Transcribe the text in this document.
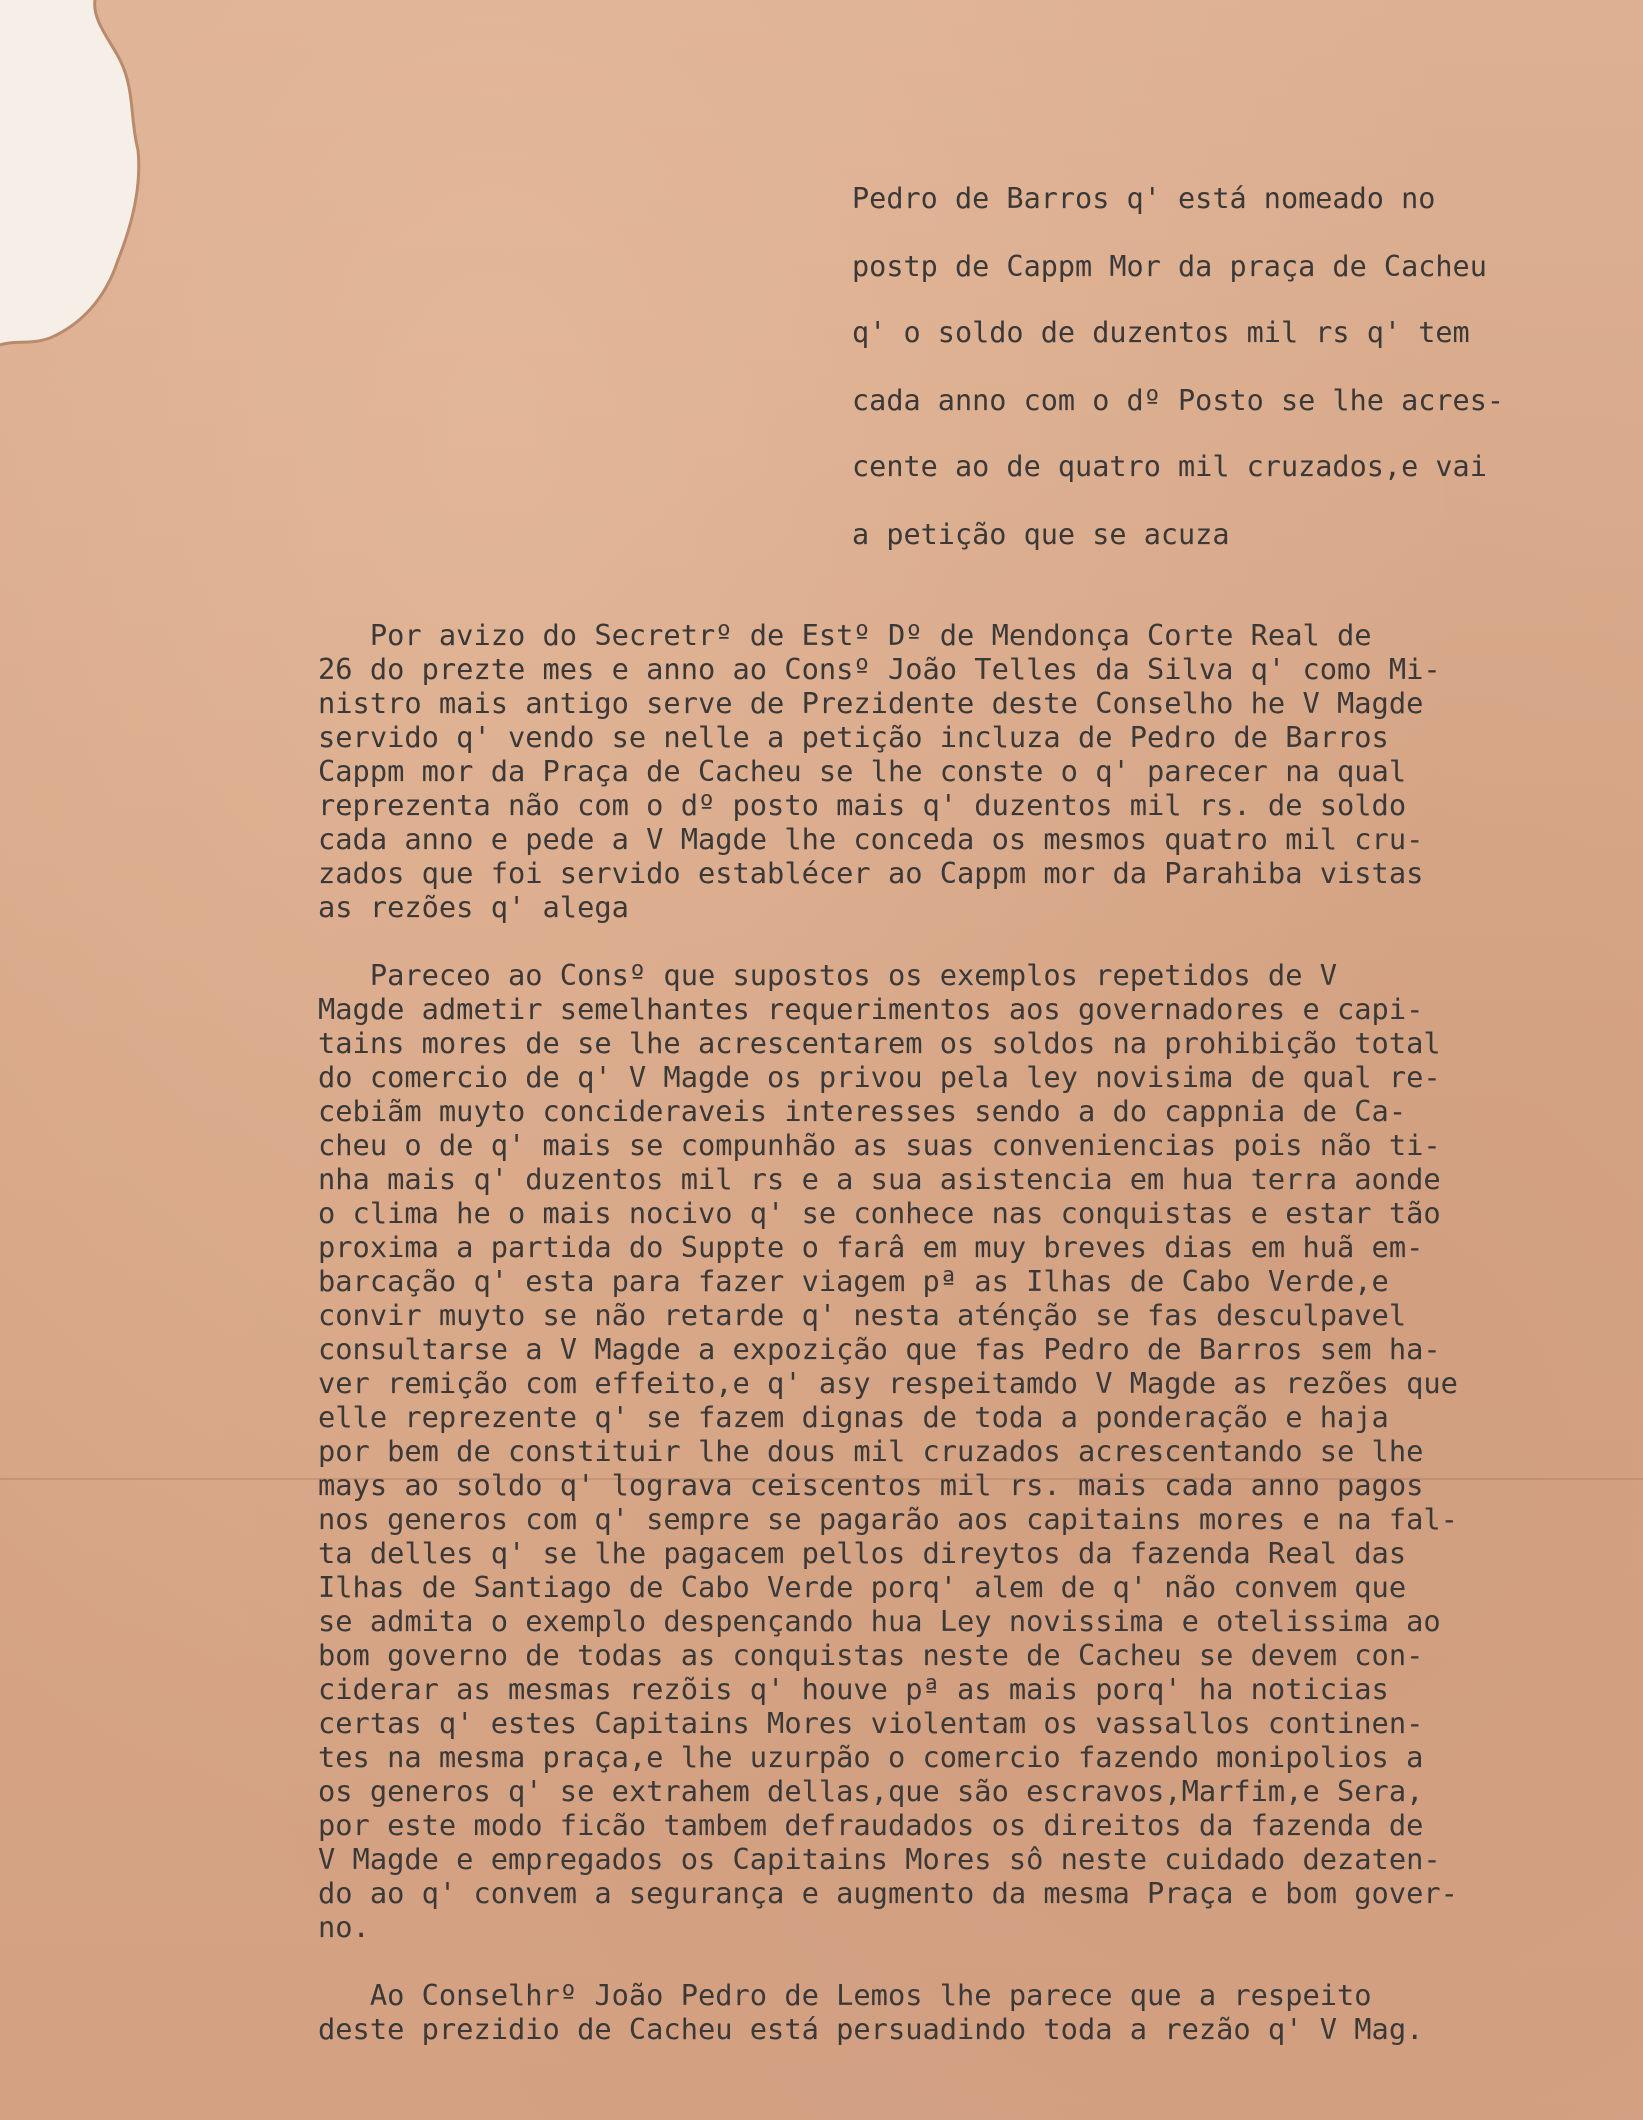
Pedro de Barros q' está nomeado no

postp de Cappm Mor da praça de Cacheu

q' o soldo de duzentos mil rs q' tem

cada anno com o dº Posto se lhe acres-

cente ao de quatro mil cruzados,e vai

a petição que se acuza

Por avizo do Secretrº de Estº Dº de Mendonça Corte Real de

26 do prezte mes e anno ao Consº João Telles da Silva q' como Mi-

nistro mais antigo serve de Prezidente deste Conselho he V Magde

servido q' vendo se nelle a petição incluza de Pedro de Barros

Cappm mor da Praça de Cacheu se lhe conste o q' parecer na qual

reprezenta não com o dº posto mais q' duzentos mil rs. de soldo

cada anno e pede a V Magde lhe conceda os mesmos quatro mil cru-

zados que foi servido establécer ao Cappm mor da Parahiba vistas

as rezões q' alega

Pareceo ao Consº que supostos os exemplos repetidos de V

Magde admetir semelhantes requerimentos aos governadores e capi-

tains mores de se lhe acrescentarem os soldos na prohibição total

do comercio de q' V Magde os privou pela ley novisima de qual re-

cebiãm muyto concideraveis interesses sendo a do cappnia de Ca-

cheu o de q' mais se compunhão as suas conveniencias pois não ti-

nha mais q' duzentos mil rs e a sua asistencia em hua terra aonde

o clima he o mais nocivo q' se conhece nas conquistas e estar tão

proxima a partida do Suppte o farâ em muy breves dias em huã em-

barcação q' esta para fazer viagem pª as Ilhas de Cabo Verde,e

convir muyto se não retarde q' nesta aténção se fas desculpavel

consultarse a V Magde a expozição que fas Pedro de Barros sem ha-

ver remição com effeito,e q' asy respeitamdo V Magde as rezões que

elle reprezente q' se fazem dignas de toda a ponderação e haja

por bem de constituir lhe dous mil cruzados acrescentando se lhe

mays ao soldo q' lograva ceiscentos mil rs. mais cada anno pagos

nos generos com q' sempre se pagarão aos capitains mores e na fal-

ta delles q' se lhe pagacem pellos direytos da fazenda Real das

Ilhas de Santiago de Cabo Verde porq' alem de q' não convem que

se admita o exemplo despençando hua Ley novissima e otelissima ao

bom governo de todas as conquistas neste de Cacheu se devem con-

ciderar as mesmas rezõis q' houve pª as mais porq' ha noticias

certas q' estes Capitains Mores violentam os vassallos continen-

tes na mesma praça,e lhe uzurpão o comercio fazendo monipolios a

os generos q' se extrahem dellas,que são escravos,Marfim,e Sera,

por este modo ficão tambem defraudados os direitos da fazenda de

V Magde e empregados os Capitains Mores sô neste cuidado dezaten-

do ao q' convem a segurança e augmento da mesma Praça e bom gover-

no.

Ao Conselhrº João Pedro de Lemos lhe parece que a respeito

deste prezidio de Cacheu está persuadindo toda a rezão q' V Mag.
